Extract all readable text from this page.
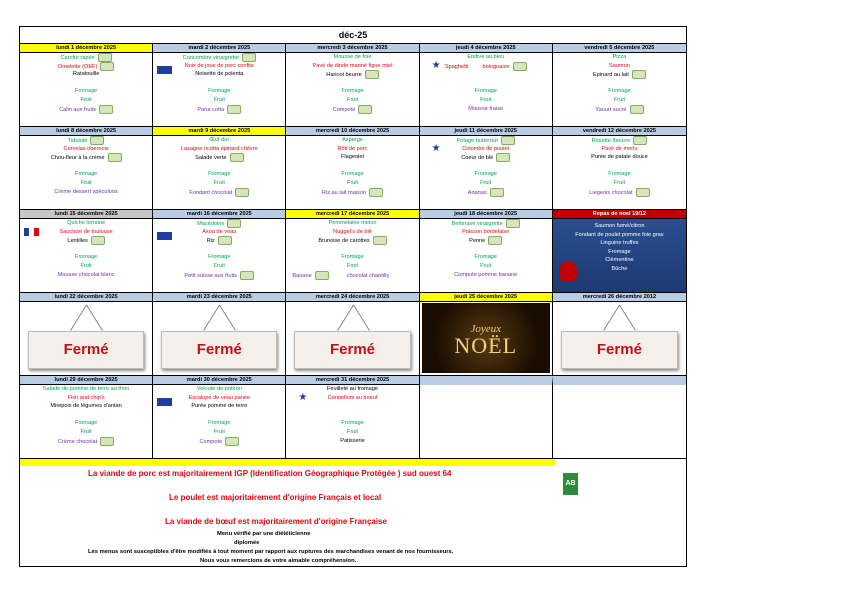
déc-25
lundi 1 décembre 2025
Carotte rapée
Omelette (OEF)
Ratatouille
Fromage
Fruit
Calin aux fruits
mardi 2 décembre 2025
Concombre vinaigrette
Noix de joue de porc confite
Noisette de polenta
Fromage
Fruit
Pana cotta
mercredi 3 décembre 2025
Mousse de foie
Pavé de dinde mariné figue miel
Haricot beurre
Fromage
Fruit
Compote
jeudi 4 décembre 2025
Endive au bleu
Spaghetti	bolognaise
Fromage
Fruit
Mousse fraise
★
vendredi 5 décembre 2025
Pizza
Saumon
Epinard au lait
Fromage
Fruit
Yaourt sucré
lundi 8 décembre 2025
Taboulé
Cervelas obernois
Chou-fleur à la crème
Fromage
Fruit
Crème dessert spéculoos
mardi 9 décembre 2025
Œuf dur
Lasagne ricotta épinard chèvre
Salade verte
Fromage
Fruit
Fondant chocolat
mercredi 10 décembre 2025
Asperge
Rôti de porc
Flageolet
Fromage
Fruit
Riz au lait maison
jeudi 11 décembre 2025
Potage butternut
Colombo de poulet
Coeur de blé
Fromage
Fruit
Ananas
★
vendredi 12 décembre 2025
Rosette /beurre
Pavé de merlu
Purée de patate douce
Fromage
Fruit
Liegeois chocolat
lundi 15 décembre 2025
Quiche lorraine
Saucisse de toulouse
Lentilles
Fromage
Fruit
Mousse chocolat blanc
mardi 16 décembre 2025
Macédoine
Axoa de veau
Riz
Fromage
Fruit
Petit suisse aux fruits
mercredi 17 décembre 2025
Pemmelaine melon
Nugget's de blé
Brunoise de carottes
Fromage
Fruit
Banane	chocolat chantilly
jeudi 18 décembre 2025
Betterave vinaigrette
Poisson bordelaise
Penne
Fromage
Fruit
Compote pomme banane
Repas de noel 19/12
Saumon fumé/citron
Fondant de poulet pomme foie gras
Linguine truffes
Fromage
Clémentine
Bûche
lundi 22 décembre 2025
Fermé
mardi 23 décembre 2025
Fermé
mercredi 24 décembre 2025
Fermé
jeudi 25 décembre 2025
Joyeux
NOËL
mercredi 26 décembre 2012
Fermé
lundi 29 décembre 2025
Salade de pomme de terre au thon
Fish and chip's
Mirepoix de légumes d'antan
Fromage
Fruit
Crème chocolat
mardi 30 décembre 2025
Velouté de potiron
Escalope de veau panée
Purée pomme de terre
Fromage
Fruit
Compote
mercredi 31 décembre 2025
Feuilleté au fromage
Cannelloni au boeuf
Fromage
Fruit
Patisserie
★
La viande de porc est majoritairement IGP (Identification Géographique Protégée ) sud ouest 64
Le poulet est majoritairement d'origine Français et local
La viande de bœuf est majoritairement d'origine Française
Menu vérifié par une diététicienne
diplomée
Les menus sont susceptibles d'être modifiés à tout moment par rapport aux ruptures des marchandises venant de nos fournisseurs.
Nous vous remercions de votre aimable compréhension.
AB
